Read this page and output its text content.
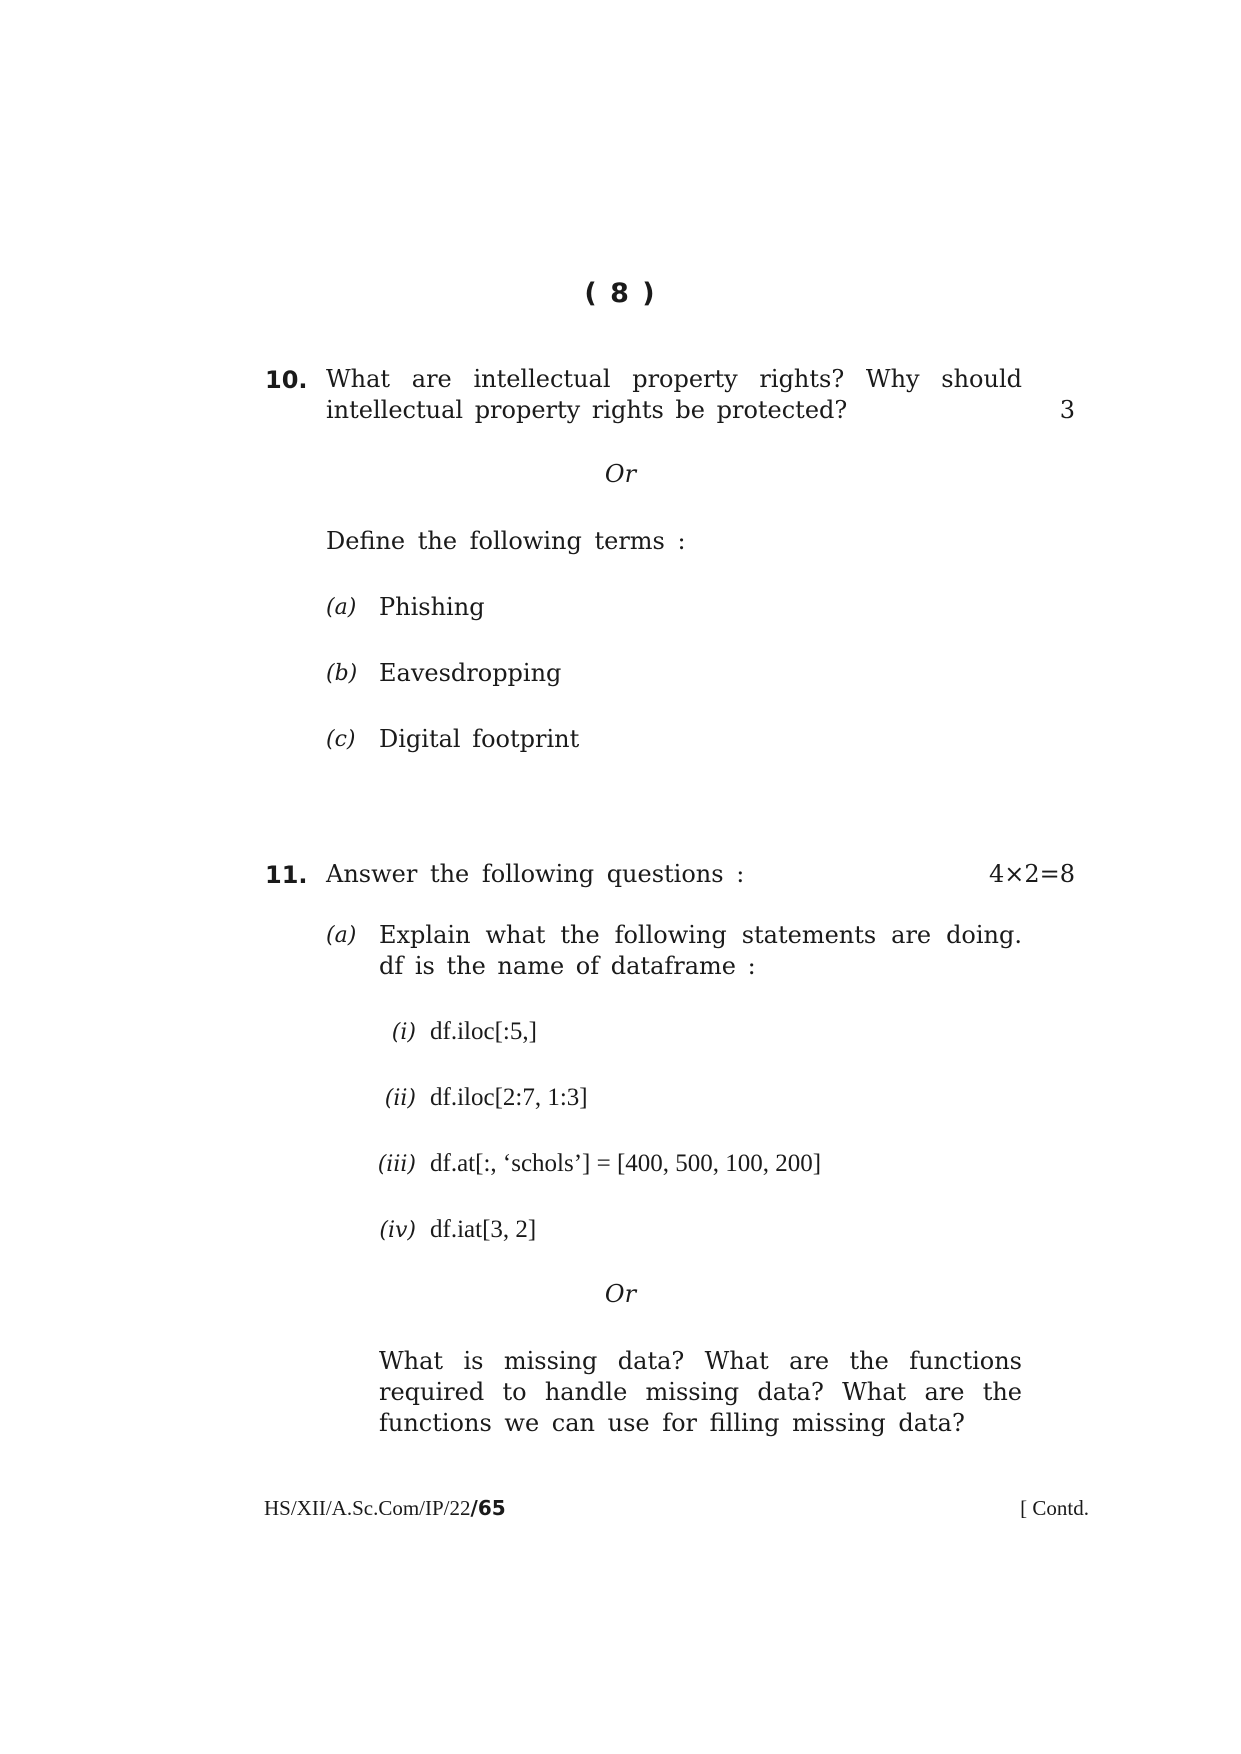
( 8 )
10. What are intellectual property rights? Why should
intellectual property rights be protected?	3
Or
Define the following terms :
(a) Phishing
(b) Eavesdropping
(c) Digital footprint
11. Answer the following questions :	4×2=8
(a) Explain what the following statements are doing.
df is the name of dataframe :
(i) df.iloc[:5,]
(ii) df.iloc[2:7, 1:3]
(iii) df.at[:, ‘schols’] = [400, 500, 100, 200]
(iv) df.iat[3, 2]
Or
What is missing data? What are the functions
required to handle missing data? What are the
functions we can use for filling missing data?
HS/XII/A.Sc.Com/IP/22/65	[ Contd.
